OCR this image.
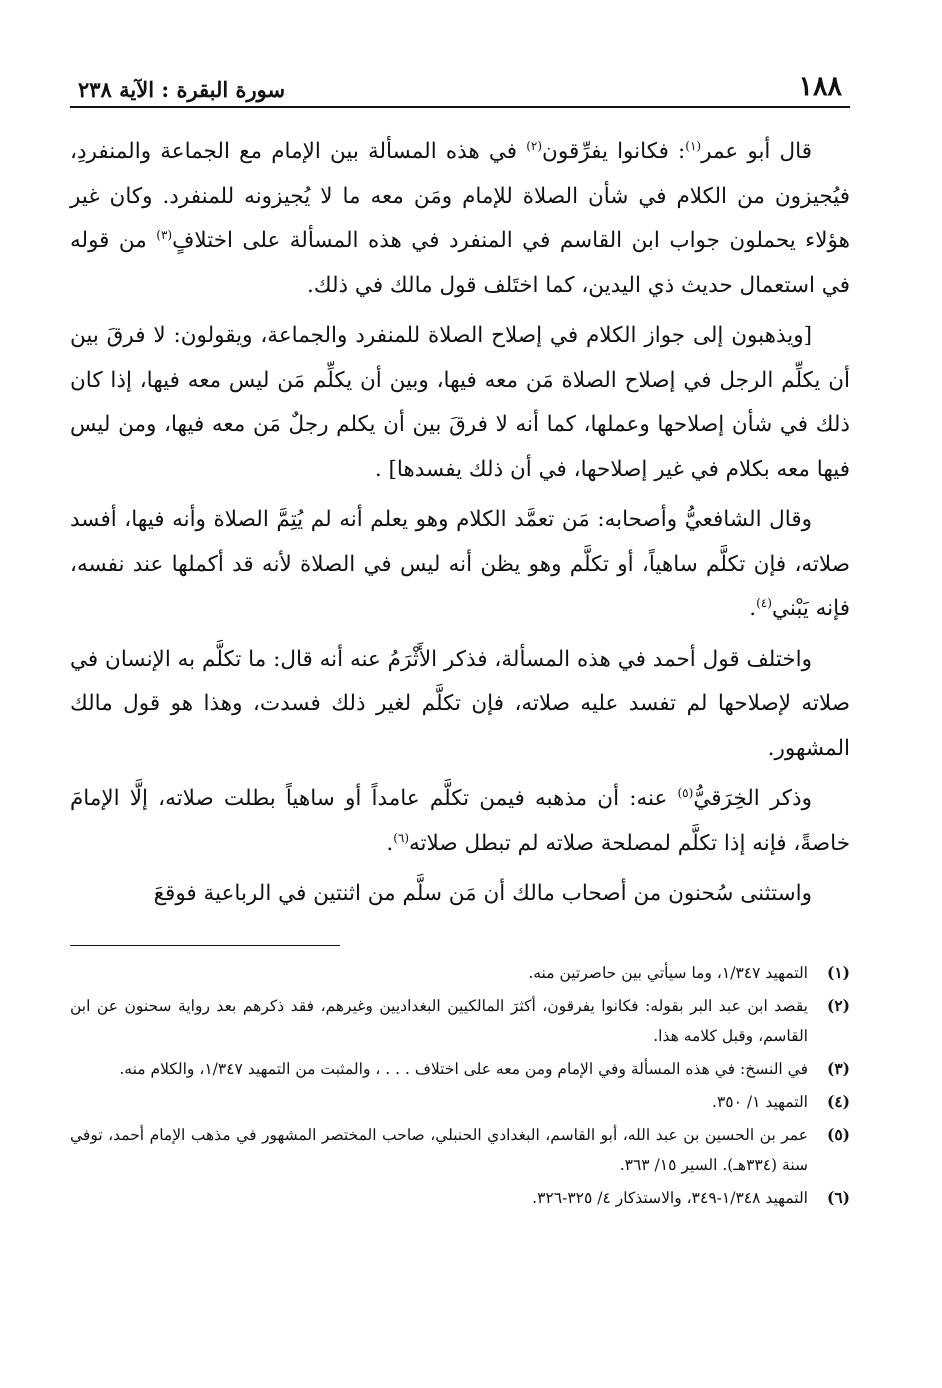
١٨٨
سورة البقرة : الآية ٢٣٨

قال أبو عمر$^{(١)}$: فكانوا يفرِّقون$^{(٢)}$ في هذه المسألة بين الإمام مع الجماعة والمنفردِ، فيُجيزون من الكلام في شأن الصلاة للإمام ومَن معه ما لا يُجيزونه للمنفرد. وكان غير هؤلاء يحملون جواب ابن القاسم في المنفرد في هذه المسألة على اختلافٍ$^{(٣)}$ من قوله في استعمال حديث ذي اليدين، كما اختَلف قول مالك في ذلك.

[ويذهبون إلى جواز الكلام في إصلاح الصلاة للمنفرد والجماعة، ويقولون: لا فرقَ بين أن يكلِّم الرجل في إصلاح الصلاة مَن معه فيها، وبين أن يكلِّم مَن ليس معه فيها، إذا كان ذلك في شأن إصلاحها وعملها، كما أنه لا فرقَ بين أن يكلم رجلٌ مَن معه فيها، ومن ليس فيها معه بكلام في غير إصلاحها، في أن ذلك يفسدها] .

وقال الشافعيُّ وأصحابه: مَن تعمَّد الكلام وهو يعلم أنه لم يُتِمَّ الصلاة وأنه فيها، أفسد صلاته، فإن تكلَّم ساهياً، أو تكلَّم وهو يظن أنه ليس في الصلاة لأنه قد أكملها عند نفسه، فإنه يَبْني$^{(٤)}$.

واختلف قول أحمد في هذه المسألة، فذكر الأَثْرَمُ عنه أنه قال: ما تكلَّم به الإنسان في صلاته لإصلاحها لم تفسد عليه صلاته، فإن تكلَّم لغير ذلك فسدت، وهذا هو قول مالك المشهور.

وذكر الخِرَقيُّ$^{(٥)}$ عنه: أن مذهبه فيمن تكلَّم عامداً أو ساهياً بطلت صلاته، إلَّا الإمامَ خاصةً، فإنه إذا تكلَّم لمصلحة صلاته لم تبطل صلاته$^{(٦)}$.

واستثنى سُحنون من أصحاب مالك أن مَن سلَّم من اثنتين في الرباعية فوقعَ

(١)
التمهيد ١/٣٤٧، وما سيأتي بين حاصرتين منه.
(٢)
يقصد ابن عبد البر بقوله: فكانوا يفرقون، أكثرَ المالكيين البغداديين وغيرهم، فقد ذكرهم بعد رواية سحنون عن ابن القاسم، وقبل كلامه هذا.
(٣)
في النسخ: في هذه المسألة وفي الإمام ومن معه على اختلاف . . . ، والمثبت من التمهيد ١/٣٤٧، والكلام منه.
(٤)
التمهيد ١/ ٣٥٠.
(٥)
عمر بن الحسين بن عبد الله، أبو القاسم، البغدادي الحنبلي، صاحب المختصر المشهور في مذهب الإمام أحمد، توفي سنة (٣٣٤هـ). السير ١٥/ ٣٦٣.
(٦)
التمهيد ١/٣٤٨-٣٤٩، والاستذكار ٤/ ٣٢٥-٣٢٦.
